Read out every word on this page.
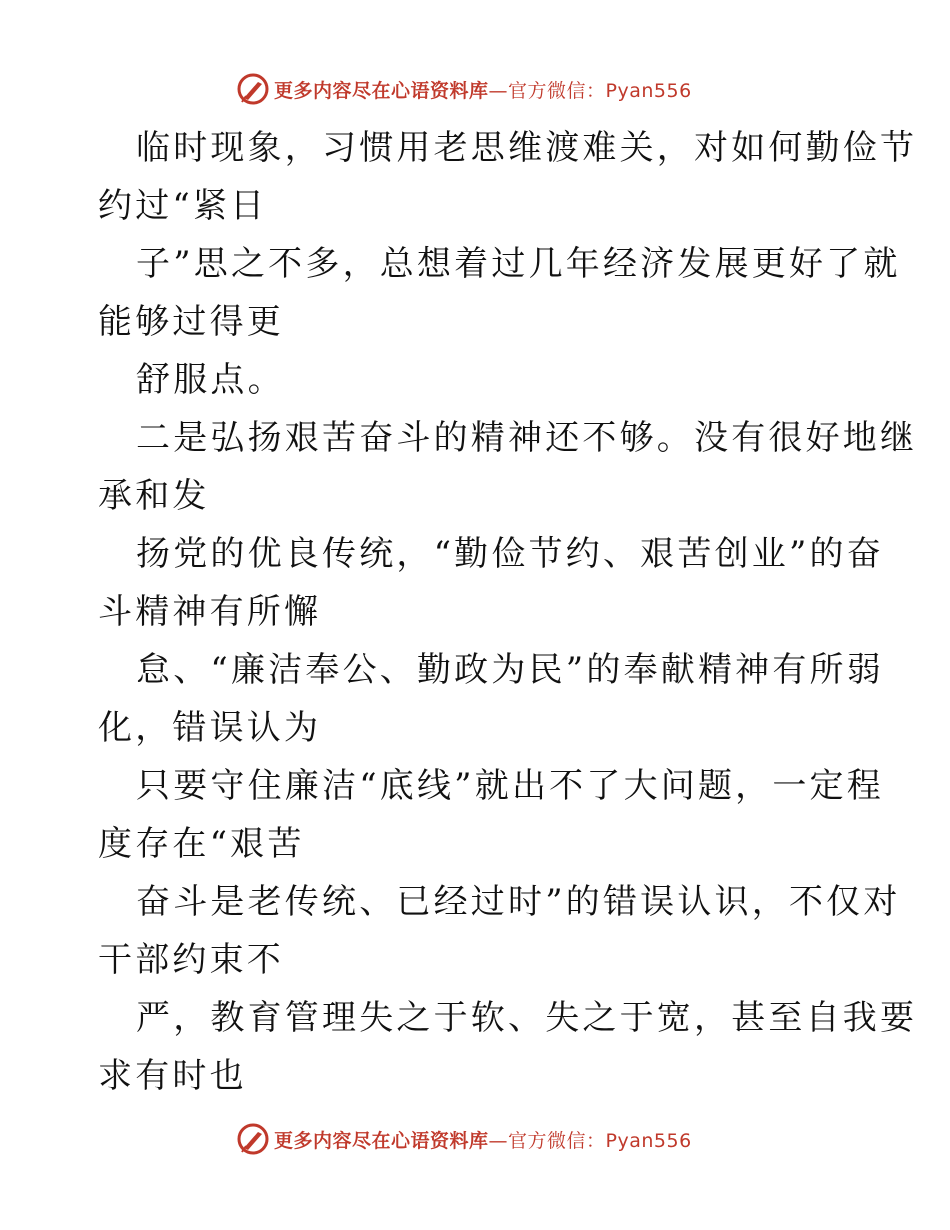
更多内容尽在心语资料库—官方微信：Pyan556
临时现象，习惯用老思维渡难关，对如何勤俭节
约过“紧日
子”思之不多，总想着过几年经济发展更好了就
能够过得更
舒服点。
二是弘扬艰苦奋斗的精神还不够。没有很好地继
承和发
扬党的优良传统，“勤俭节约、艰苦创业”的奋
斗精神有所懈
怠、“廉洁奉公、勤政为民”的奉献精神有所弱
化，错误认为
只要守住廉洁“底线”就出不了大问题，一定程
度存在“艰苦
奋斗是老传统、已经过时”的错误认识，不仅对
干部约束不
严，教育管理失之于软、失之于宽，甚至自我要
求有时也
更多内容尽在心语资料库—官方微信：Pyan556
